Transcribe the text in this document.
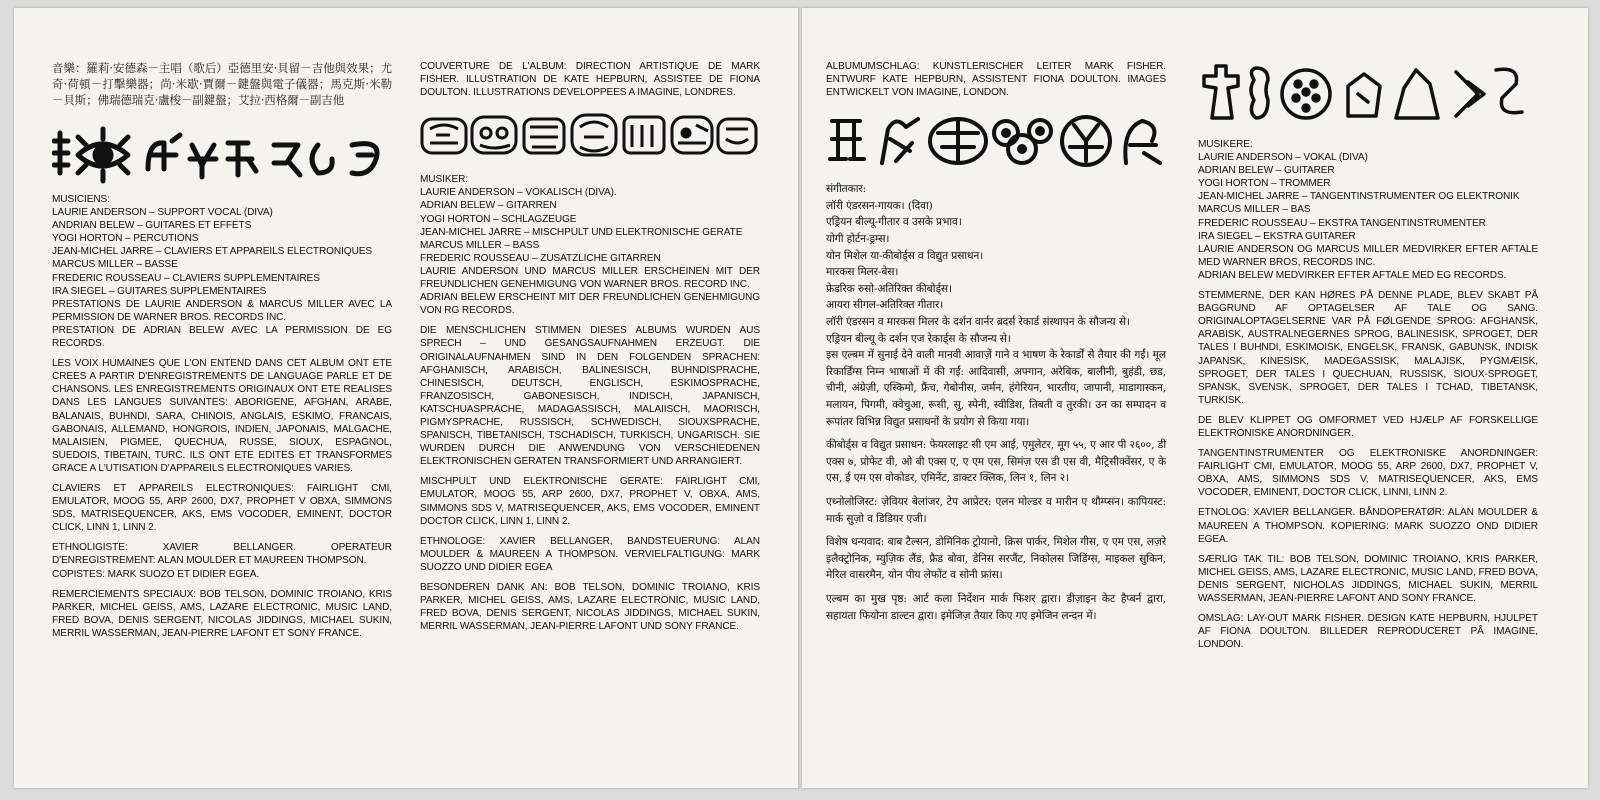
音樂：羅莉·安德森－主唱（歌后）亞德里安·貝留－吉他與效果；尤奇·荷頓－打擊樂器；尚·米歇·賈爾－鍵盤與電子儀器；馬克斯·米勒－貝斯；佛瑞德瑞克·盧梭－副鍵盤；艾拉·西格爾－副吉他

MUSICIENS:
LAURIE ANDERSON – SUPPORT VOCAL (DIVA)
ANDRIAN BELEW – GUITARES ET EFFETS
YOGI HORTON – PERCUTIONS
JEAN-MICHEL JARRE – CLAVIERS ET APPAREILS ELECTRONIQUES
MARCUS MILLER – BASSE
FREDERIC ROUSSEAU – CLAVIERS SUPPLEMENTAIRES
IRA SIEGEL – GUITARES SUPPLEMENTAIRES
PRESTATIONS DE LAURIE ANDERSON & MARCUS MILLER AVEC LA PERMISSION DE WARNER BROS. RECORDS INC.
PRESTATION DE ADRIAN BELEW AVEC LA PERMISSION DE EG RECORDS.

LES VOIX HUMAINES QUE L'ON ENTEND DANS CET ALBUM ONT ETE CREES A PARTIR D'ENREGISTREMENTS DE LANGUAGE PARLE ET DE CHANSONS. LES ENREGISTREMENTS ORIGINAUX ONT ETE REALISES DANS LES LANGUES SUIVANTES: ABORIGENE, AFGHAN, ARABE, BALANAIS, BUHNDI, SARA, CHINOIS, ANGLAIS, ESKIMO, FRANCAIS, GABONAIS, ALLEMAND, HONGROIS, INDIEN, JAPONAIS, MALGACHE, MALAISIEN, PIGMEE, QUECHUA, RUSSE, SIOUX, ESPAGNOL, SUEDOIS, TIBETAIN, TURC. ILS ONT ETE EDITES ET TRANSFORMES GRACE A L'UTISATION D'APPAREILS ELECTRONIQUES VARIES.

CLAVIERS ET APPAREILS ELECTRONIQUES: FAIRLIGHT CMI, EMULATOR, MOOG 55, ARP 2600, DX7, PROPHET V OBXA, SIMMONS SDS, MATRISEQUENCER, AKS, EMS VOCODER, EMINENT, DOCTOR CLICK, LINN 1, LINN 2.

ETHNOLIGISTE: XAVIER BELLANGER. OPERATEUR D'ENREGISTREMENT: ALAN MOULDER ET MAUREEN THOMPSON.
COPISTES: MARK SUOZO ET DIDIER EGEA.

REMERCIEMENTS SPECIAUX: BOB TELSON, DOMINIC TROIANO, KRIS PARKER, MICHEL GEISS, AMS, LAZARE ELECTRONIC, MUSIC LAND, FRED BOVA, DENIS SERGENT, NICOLAS JIDDINGS, MICHAEL SUKIN, MERRIL WASSERMAN, JEAN-PIERRE LAFONT ET SONY FRANCE.

COUVERTURE DE L'ALBUM: DIRECTION ARTISTIQUE DE MARK FISHER. ILLUSTRATION DE KATE HEPBURN, ASSISTEE DE FIONA DOULTON. ILLUSTRATIONS DEVELOPPEES A IMAGINE, LONDRES.

MUSIKER:
LAURIE ANDERSON – VOKALISCH (DIVA).
ADRIAN BELEW – GITARREN
YOGI HORTON – SCHLAGZEUGE
JEAN-MICHEL JARRE – MISCHPULT UND ELEKTRONISCHE GERATE
MARCUS MILLER – BASS
FREDERIC ROUSSEAU – ZUSATZLICHE GITARREN
LAURIE ANDERSON UND MARCUS MILLER ERSCHEINEN MIT DER FREUNDLICHEN GENEHMIGUNG VON WARNER BROS. RECORD INC.
ADRIAN BELEW ERSCHEINT MIT DER FREUNDLICHEN GENEHMIGUNG VON RG RECORDS.

DIE MENSCHLICHEN STIMMEN DIESES ALBUMS WURDEN AUS SPRECH – UND GESANGSAUFNAHMEN ERZEUGT. DIE ORIGINALAUFNAHMEN SIND IN DEN FOLGENDEN SPRACHEN: AFGHANISCH, ARABISCH, BALINESISCH, BUHNDISPRACHE, CHINESISCH, DEUTSCH, ENGLISCH, ESKIMOSPRACHE, FRANZOSISCH, GABONESISCH, INDISCH, JAPANISCH, KATSCHUASPRACHE, MADAGASSISCH, MALAIISCH, MAORISCH, PIGMYSPRACHE, RUSSISCH, SCHWEDISCH, SIOUXSPRACHE, SPANISCH, TIBETANISCH, TSCHADISCH, TURKISCH, UNGARISCH. SIE WURDEN DURCH DIE ANWENDUNG VON VERSCHIEDENEN ELEKTRONISCHEN GERATEN TRANSFORMIERT UND ARRANGIERT.

MISCHPULT UND ELEKTRONISCHE GERATE: FAIRLIGHT CMI, EMULATOR, MOOG 55, ARP 2600, DX7, PROPHET V, OBXA, AMS, SIMMONS SDS V, MATRISEQUENCER, AKS, EMS VOCODER, EMINENT DOCTOR CLICK, LINN 1, LINN 2.

ETHNOLOGE: XAVIER BELLANGER, BANDSTEUERUNG: ALAN MOULDER & MAUREEN A THOMPSON. VERVIELFALTIGUNG: MARK SUOZZO UND DIDIER EGEA

BESONDEREN DANK AN: BOB TELSON, DOMINIC TROIANO, KRIS PARKER, MICHEL GEISS, AMS, LAZARE ELECTRONIC, MUSIC LAND, FRED BOVA, DENIS SERGENT, NICOLAS JIDDINGS, MICHAEL SUKIN, MERRIL WASSERMAN, JEAN-PIERRE LAFONT UND SONY FRANCE.

ALBUMUMSCHLAG: KUNSTLERISCHER LEITER MARK FISHER. ENTWURF KATE HEPBURN, ASSISTENT FIONA DOULTON. IMAGES ENTWICKELT VON IMAGINE, LONDON.

संगीतकार:
लॉरी एंडरसन-गायक। (दिवा)
एड्रियन बील्यू-गीतार व उसके प्रभाव।
योगी होर्टन-ड्रम्स।
योन मिशेल या-कीबोर्ड्स व विद्युत प्रसाधन।
मारकस मिलर-बेस।
फ्रेडरिक रुसो-अतिरिक्त कीबोर्ड्स।
आयरा सीगल-अतिरिक्त गीतार।
लॉरी एंडरसन व मारकस मिलर के दर्शन वार्नर ब्रदर्स रेकार्ड संस्थापन के सौजन्य से।
एड्रियन बील्यू के दर्शन एज रेकार्ड्स के सौजन्य से।

इस एल्बम में सुनाई देने वाली मानवी आवाज़ें गाने व भाषण के रेकार्डों से तैयार की गईं। मूल रिकार्डिंग्स निम्न भाषाओं में की गईं: आदिवासी, अफ्गान, अरेबिक, बालीनी, बुहंडी, छड, चीनी, अंग्रेज़ी, एस्किमो, फ्रैंच, गेबोनीस, जर्मन, हंगेरियन, भारतीय, जापानी, माडागास्कन, मलायन, पिगमी, क्वेचुआ, रूसी, सु, स्पेनी, स्वीडिश, तिबती व तुरकी। उन का सम्पादन व रूपांतर विभिन्न विद्युत प्रसाधनों के प्रयोग से किया गया।

कीबोर्ड्स व विद्युत प्रसाधन: फेयरलाइट सी एम आई, एमुलेटर, मूग ५५, ए आर पी २६००, डी एक्स ७, प्रोफेट वी, ओ बी एक्स ए, ए एम एस, सिमंज़ एस डी एस वी, मैट्रिसीक्वेंसर, ए के एस, ई एम एस वोकोडर, एमिनेंट, डाक्टर क्लिक, लिन १, लिन २।

एथ्नोलोजिस्ट: ज़ेवियर बेलांजर, टेप आप्रेटर: एलन मोल्डर व मारीन ए थौम्प्सन। कापियस्ट: मार्क सुज़ो व डिडियर एजी।

विशेष धन्यवाद: बाब टैल्सन, डोमिनिक ट्रोयानो, क्रिस पार्कर, मिशेल गीस, ए एम एस, लज़रे इलैक्ट्रोनिक, म्युज़िक लैंड, फ्रैड बोवा, डेनिस सरजैंट, निकोलस जिडिंग्स, माइकल सुकिन, मेरिल वासरमैन, योन पीय लेफोंट व सोनी फ्रांस।

एल्बम का मुख पृष्ठ: आर्ट कला निर्देशन मार्क फिशर द्वारा। डीज़ाइन केट हैप्बर्न द्वारा, सहायता फियोना डाल्टन द्वारा। इमेजिज़ तैयार किए गए इमेजिन लन्दन में।

MUSIKERE:
LAURIE ANDERSON – VOKAL (DIVA)
ADRIAN BELEW – GUITARER
YOGI HORTON – TROMMER
JEAN-MICHEL JARRE – TANGENTINSTRUMENTER OG ELEKTRONIK
MARCUS MILLER – BAS
FREDERIC ROUSSEAU – EKSTRA TANGENTINSTRUMENTER
IRA SIEGEL – EKSTRA GUITARER
LAURIE ANDERSON OG MARCUS MILLER MEDVIRKER EFTER AFTALE MED WARNER BROS, RECORDS INC.
ADRIAN BELEW MEDVIRKER EFTER AFTALE MED EG RECORDS.

STEMMERNE, DER KAN HØRES PÅ DENNE PLADE, BLEV SKABT PÅ BAGGRUND AF OPTAGELSER AF TALE OG SANG. ORIGINALOPTAGELSERNE VAR PÅ FØLGENDE SPROG: AFGHANSK, ARABISK, AUSTRALNEGERNES SPROG, BALINESISK, SPROGET, DER TALES I BUHNDI, ESKIMOISK, ENGELSK, FRANSK, GABUNSK, INDISK JAPANSK, KINESISK, MADEGASSISK, MALAJISK, PYGMÆISK, SPROGET, DER TALES I QUECHUAN, RUSSISK, SIOUX-SPROGET, SPANSK, SVENSK, SPROGET, DER TALES I TCHAD, TIBETANSK, TURKISK.

DE BLEV KLIPPET OG OMFORMET VED HJÆLP AF FORSKELLIGE ELEKTRONISKE ANORDNINGER.

TANGENTINSTRUMENTER OG ELEKTRONISKE ANORDNINGER: FAIRLIGHT CMI, EMULATOR, MOOG 55, ARP 2600, DX7, PROPHET V, OBXA, AMS, SIMMONS SDS V, MATRISEQUENCER, AKS, EMS VOCODER, EMINENT, DOCTOR CLICK, LINNI, LINN 2.

ETNOLOG: XAVIER BELLANGER. BÅNDOPERATØR: ALAN MOULDER & MAUREEN A THOMPSON. KOPIERING: MARK SUOZZO OND DIDIER EGEA.

SÆRLIG TAK TIL: BOB TELSON, DOMINIC TROIANO, KRIS PARKER, MICHEL GEISS, AMS, LAZARE ELECTRONIC, MUSIC LAND, FRED BOVA, DENIS SERGENT, NICHOLAS JIDDINGS, MICHAEL SUKIN, MERRIL WASSERMAN, JEAN-PIERRE LAFONT AND SONY FRANCE.

OMSLAG: LAY-OUT MARK FISHER. DESIGN KATE HEPBURN, HJULPET AF FIONA DOULTON. BILLEDER REPRODUCERET PÅ IMAGINE, LONDON.
